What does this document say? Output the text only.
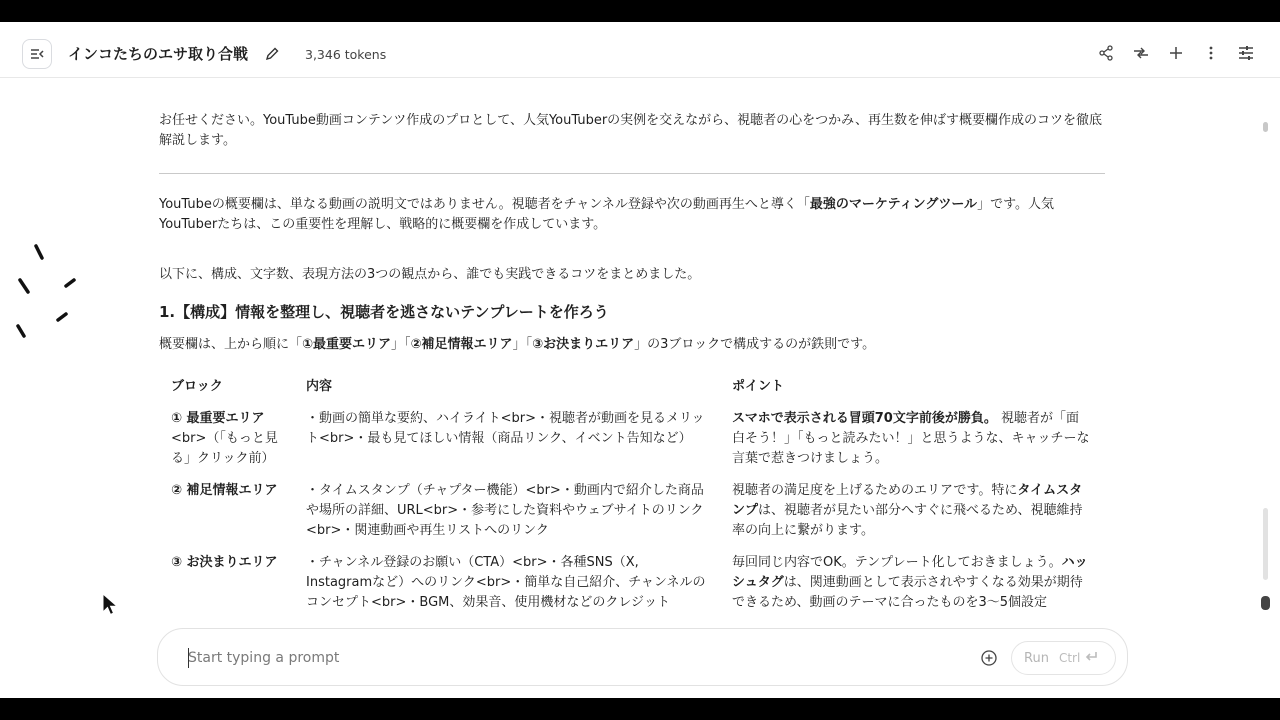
インコたちのエサ取り合戦	3,346 tokens
お任せください。YouTube動画コンテンツ作成のプロとして、人気YouTuberの実例を交えながら、視聴者の心をつかみ、再生数を伸ばす概要欄作成のコツを徹底解説します。
YouTubeの概要欄は、単なる動画の説明文ではありません。視聴者をチャンネル登録や次の動画再生へと導く「最強のマーケティングツール」です。人気YouTuberたちは、この重要性を理解し、戦略的に概要欄を作成しています。
以下に、構成、文字数、表現方法の3つの観点から、誰でも実践できるコツをまとめました。
1.【構成】情報を整理し、視聴者を逃さないテンプレートを作ろう
概要欄は、上から順に「①最重要エリア」「②補足情報エリア」「③お決まりエリア」の3ブロックで構成するのが鉄則です。
ブロック	内容	ポイント
① 最重要エリア<br>（「もっと見る」クリック前）	・動画の簡単な要約、ハイライト<br>・視聴者が動画を見るメリット<br>・最も見てほしい情報（商品リンク、イベント告知など）	スマホで表示される冒頭70文字前後が勝負。 視聴者が「面白そう！」「もっと読みたい！」と思うような、キャッチーな言葉で惹きつけましょう。
② 補足情報エリア	・タイムスタンプ（チャプター機能）<br>・動画内で紹介した商品や場所の詳細、URL<br>・参考にした資料やウェブサイトのリンク<br>・関連動画や再生リストへのリンク	視聴者の満足度を上げるためのエリアです。特にタイムスタンプは、視聴者が見たい部分へすぐに飛べるため、視聴維持率の向上に繋がります。
③ お決まりエリア	・チャンネル登録のお願い（CTA）<br>・各種SNS（X, Instagramなど）へのリンク<br>・簡単な自己紹介、チャンネルのコンセプト<br>・BGM、効果音、使用機材などのクレジット	毎回同じ内容でOK。テンプレート化しておきましょう。ハッシュタグは、関連動画として表示されやすくなる効果が期待できるため、動画のテーマに合ったものを3〜5個設定
Start typing a prompt
Run Ctrl
